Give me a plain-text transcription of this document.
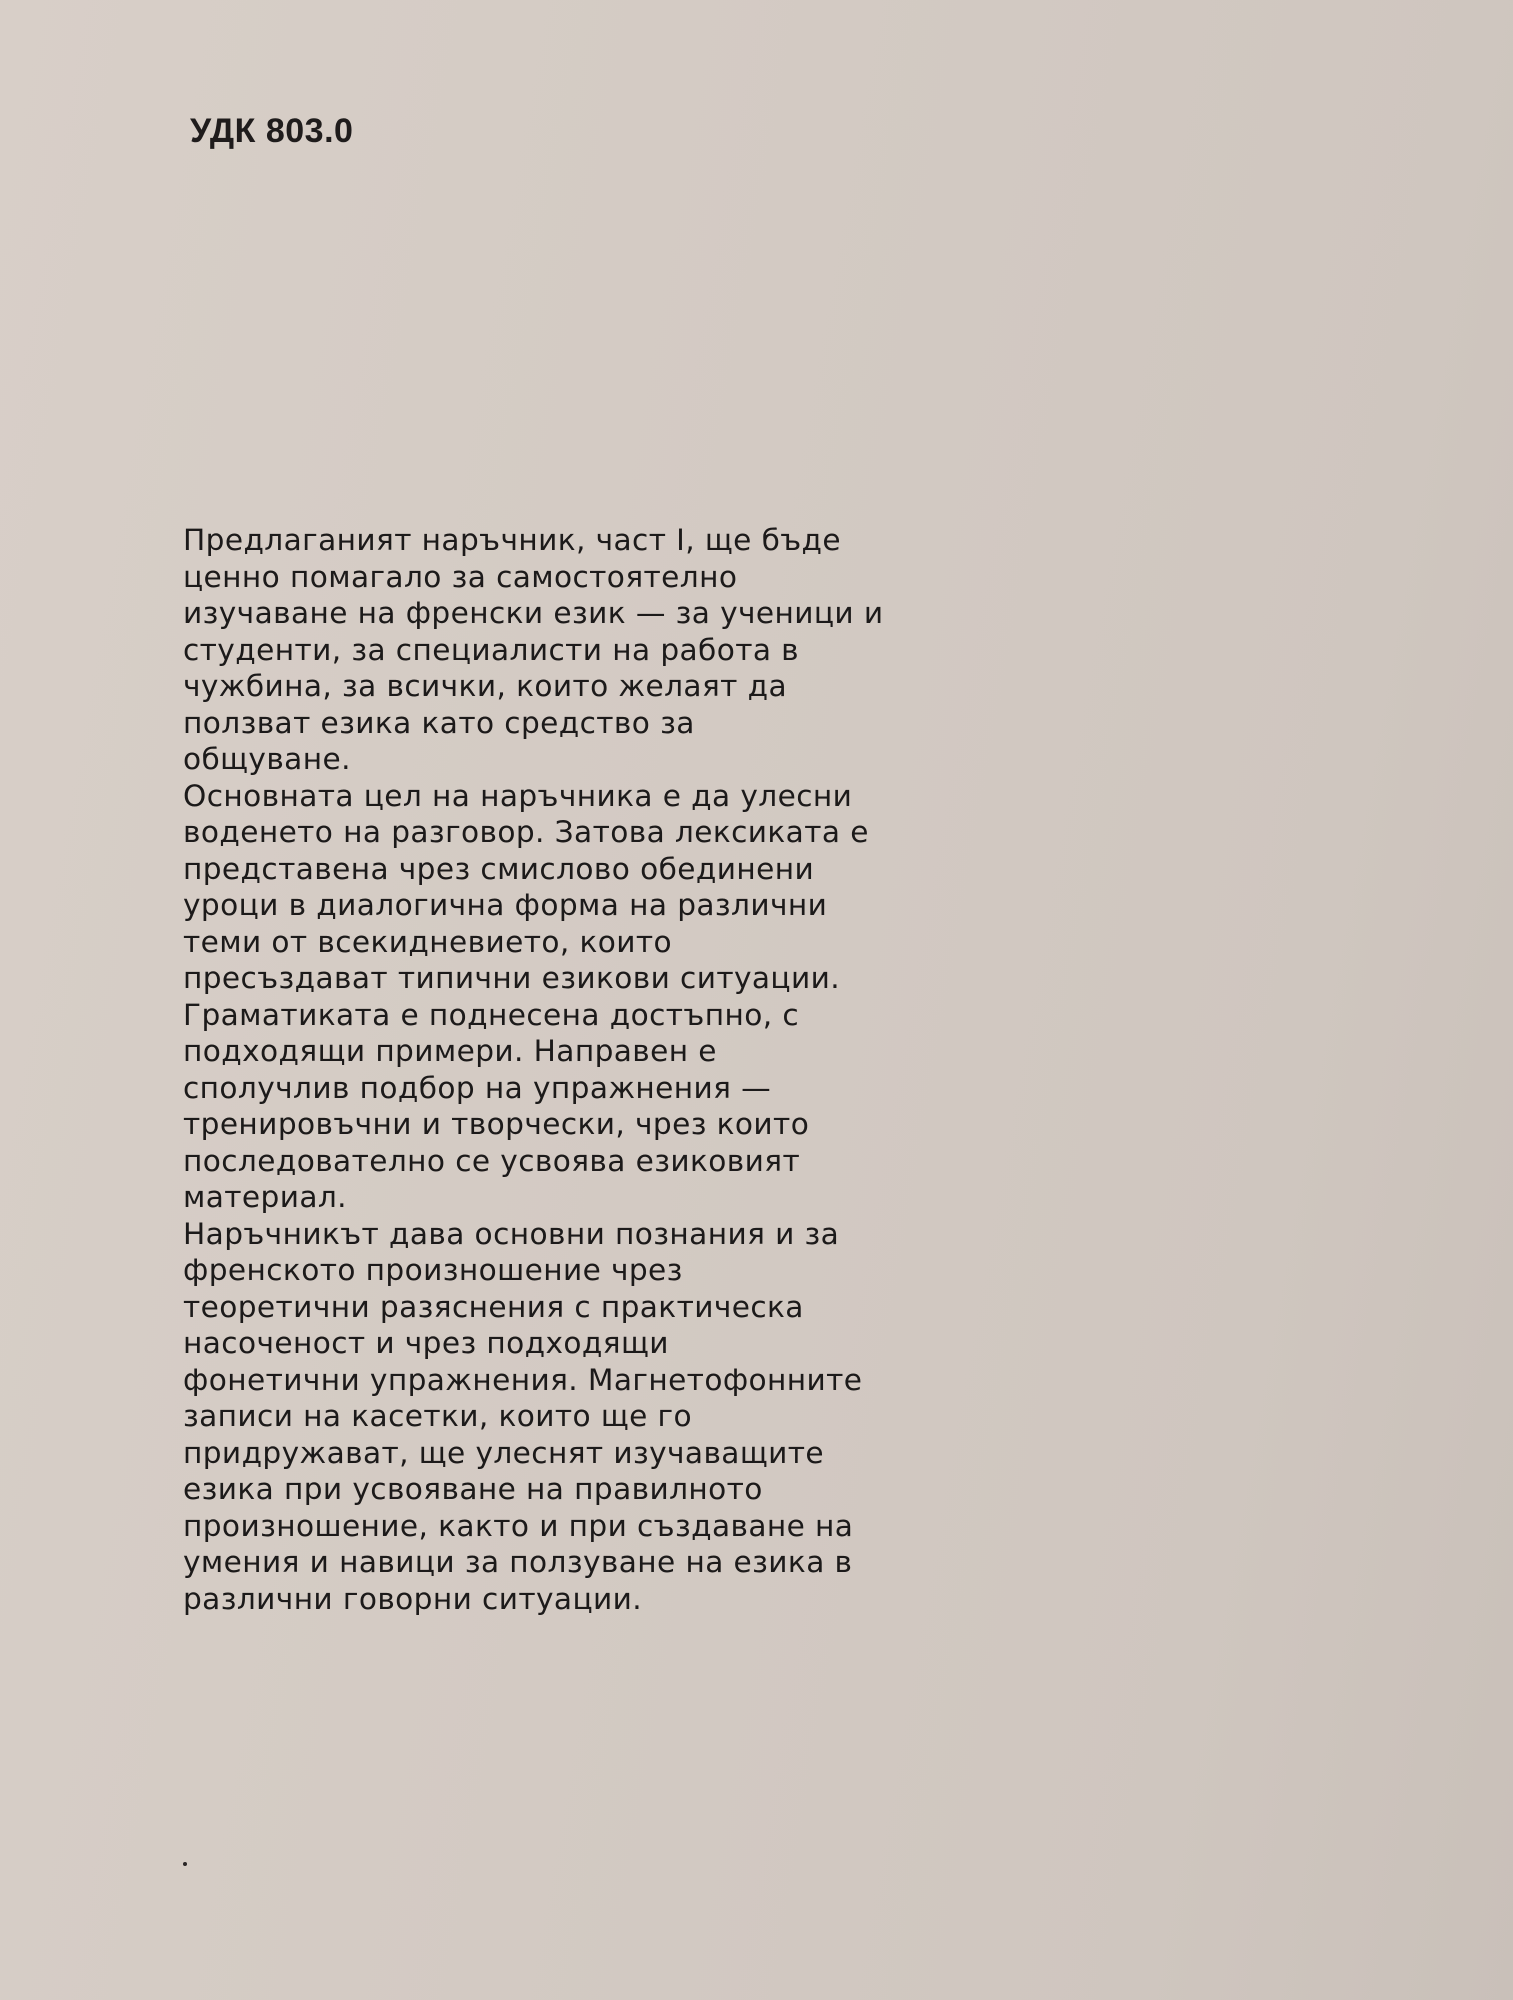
УДК 803.0
Предлаганият наръчник, част I, ще бъде
ценно помагало за самостоятелно
изучаване на френски език — за ученици и
студенти, за специалисти на работа в
чужбина, за всички, които желаят да
ползват езика като средство за
общуване.
Основната цел на наръчника е да улесни
воденето на разговор. Затова лексиката е
представена чрез смислово обединени
уроци в диалогична форма на различни
теми от всекидневието, които
пресъздават типични езикови ситуации.
Граматиката е поднесена достъпно, с
подходящи примери. Направен е
сполучлив подбор на упражнения —
тренировъчни и творчески, чрез които
последователно се усвоява езиковият
материал.
Наръчникът дава основни познания и за
френското произношение чрез
теоретични разяснения с практическа
насоченост и чрез подходящи
фонетични упражнения. Магнетофонните
записи на касетки, които ще го
придружават, ще улеснят изучаващите
езика при усвояване на правилното
произношение, както и при създаване на
умения и навици за ползуване на езика в
различни говорни ситуации.
